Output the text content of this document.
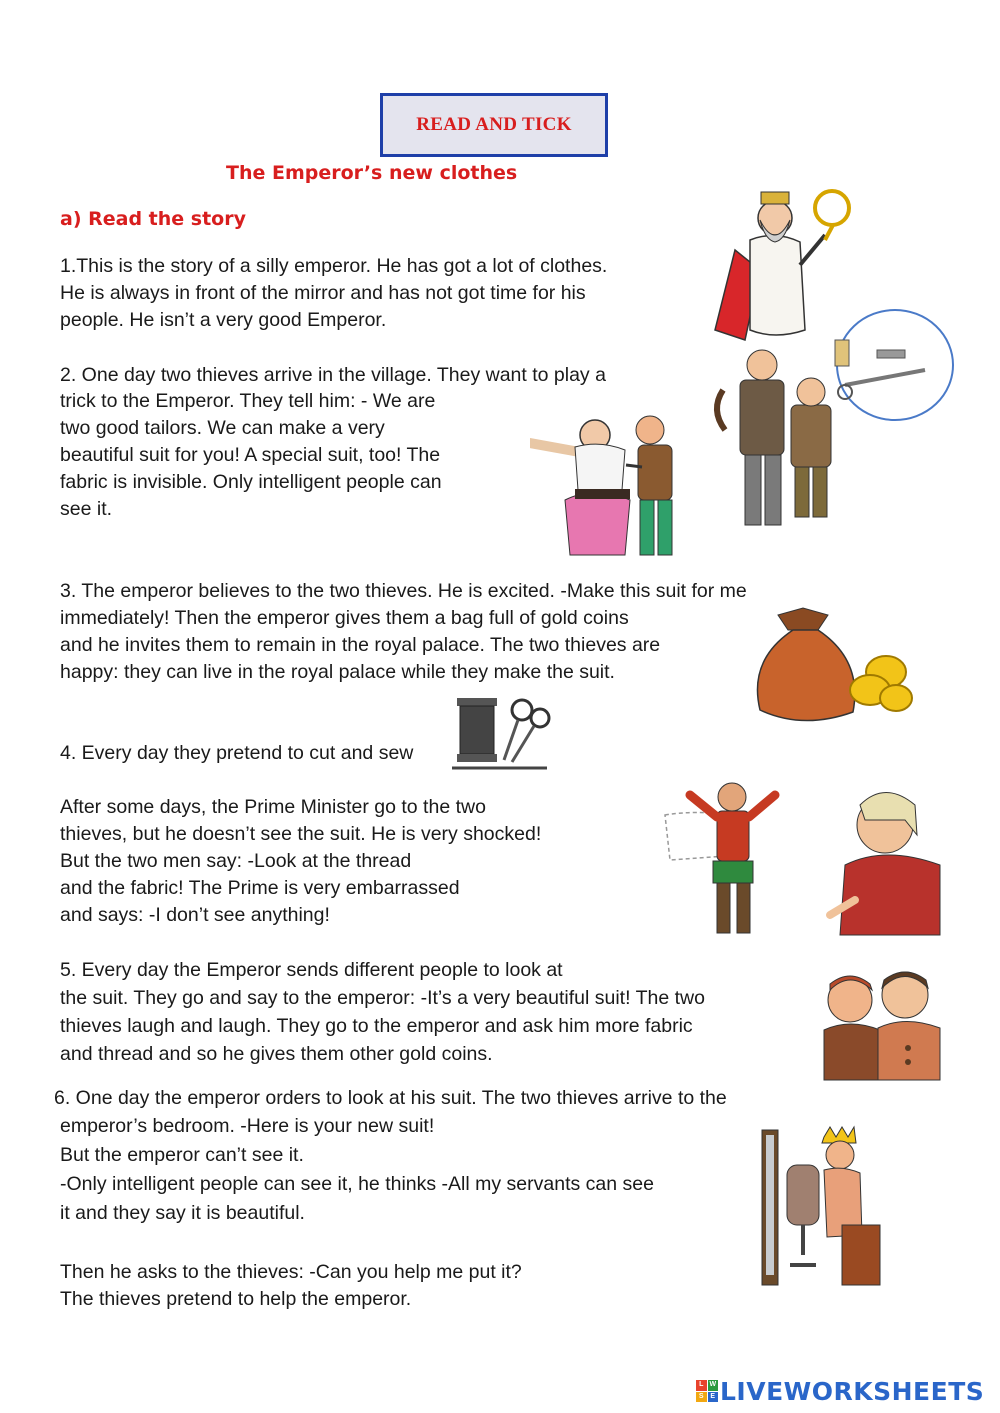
READ AND TICK
The Emperor’s new clothes
a) Read the story
1.This is the story of a silly emperor. He has got a lot of clothes.
He is always in front of the mirror and has not got time for his
people. He isn’t a very good Emperor.
2. One day two thieves arrive in the village. They want to play a
trick to the Emperor. They tell him: - We are
two good tailors. We can make a very
beautiful suit for you! A special suit, too! The
fabric is invisible. Only intelligent people can
see it.
3. The emperor believes to the two thieves. He is excited. -Make this suit for me
immediately! Then the emperor gives them a bag full of gold coins
and he invites them to remain in the royal palace. The two thieves are
happy: they can live in the royal palace while they make the suit.
4. Every day they pretend to cut and sew
After some days, the Prime Minister go to the two
thieves, but he doesn’t see the suit. He is very shocked!
But the two men say: -Look at the thread
and the fabric! The Prime is very embarrassed
and says: -I don’t see anything!
5. Every day the Emperor sends different people to look at
the suit. They go and say to the emperor: -It’s a very beautiful suit! The two
thieves laugh and laugh. They go to the emperor and ask him more fabric
and thread and so he gives them other gold coins.
6. One day the emperor orders to look at his suit. The two thieves arrive to the
emperor’s bedroom. -Here is your new suit!
But the emperor can’t see it.
-Only intelligent people can see it, he thinks -All my servants can see
it and they say it is beautiful.
Then he asks to the thieves: -Can you help me put it?
The thieves pretend to help the emperor.
L W
S E LIVEWORKSHEETS
